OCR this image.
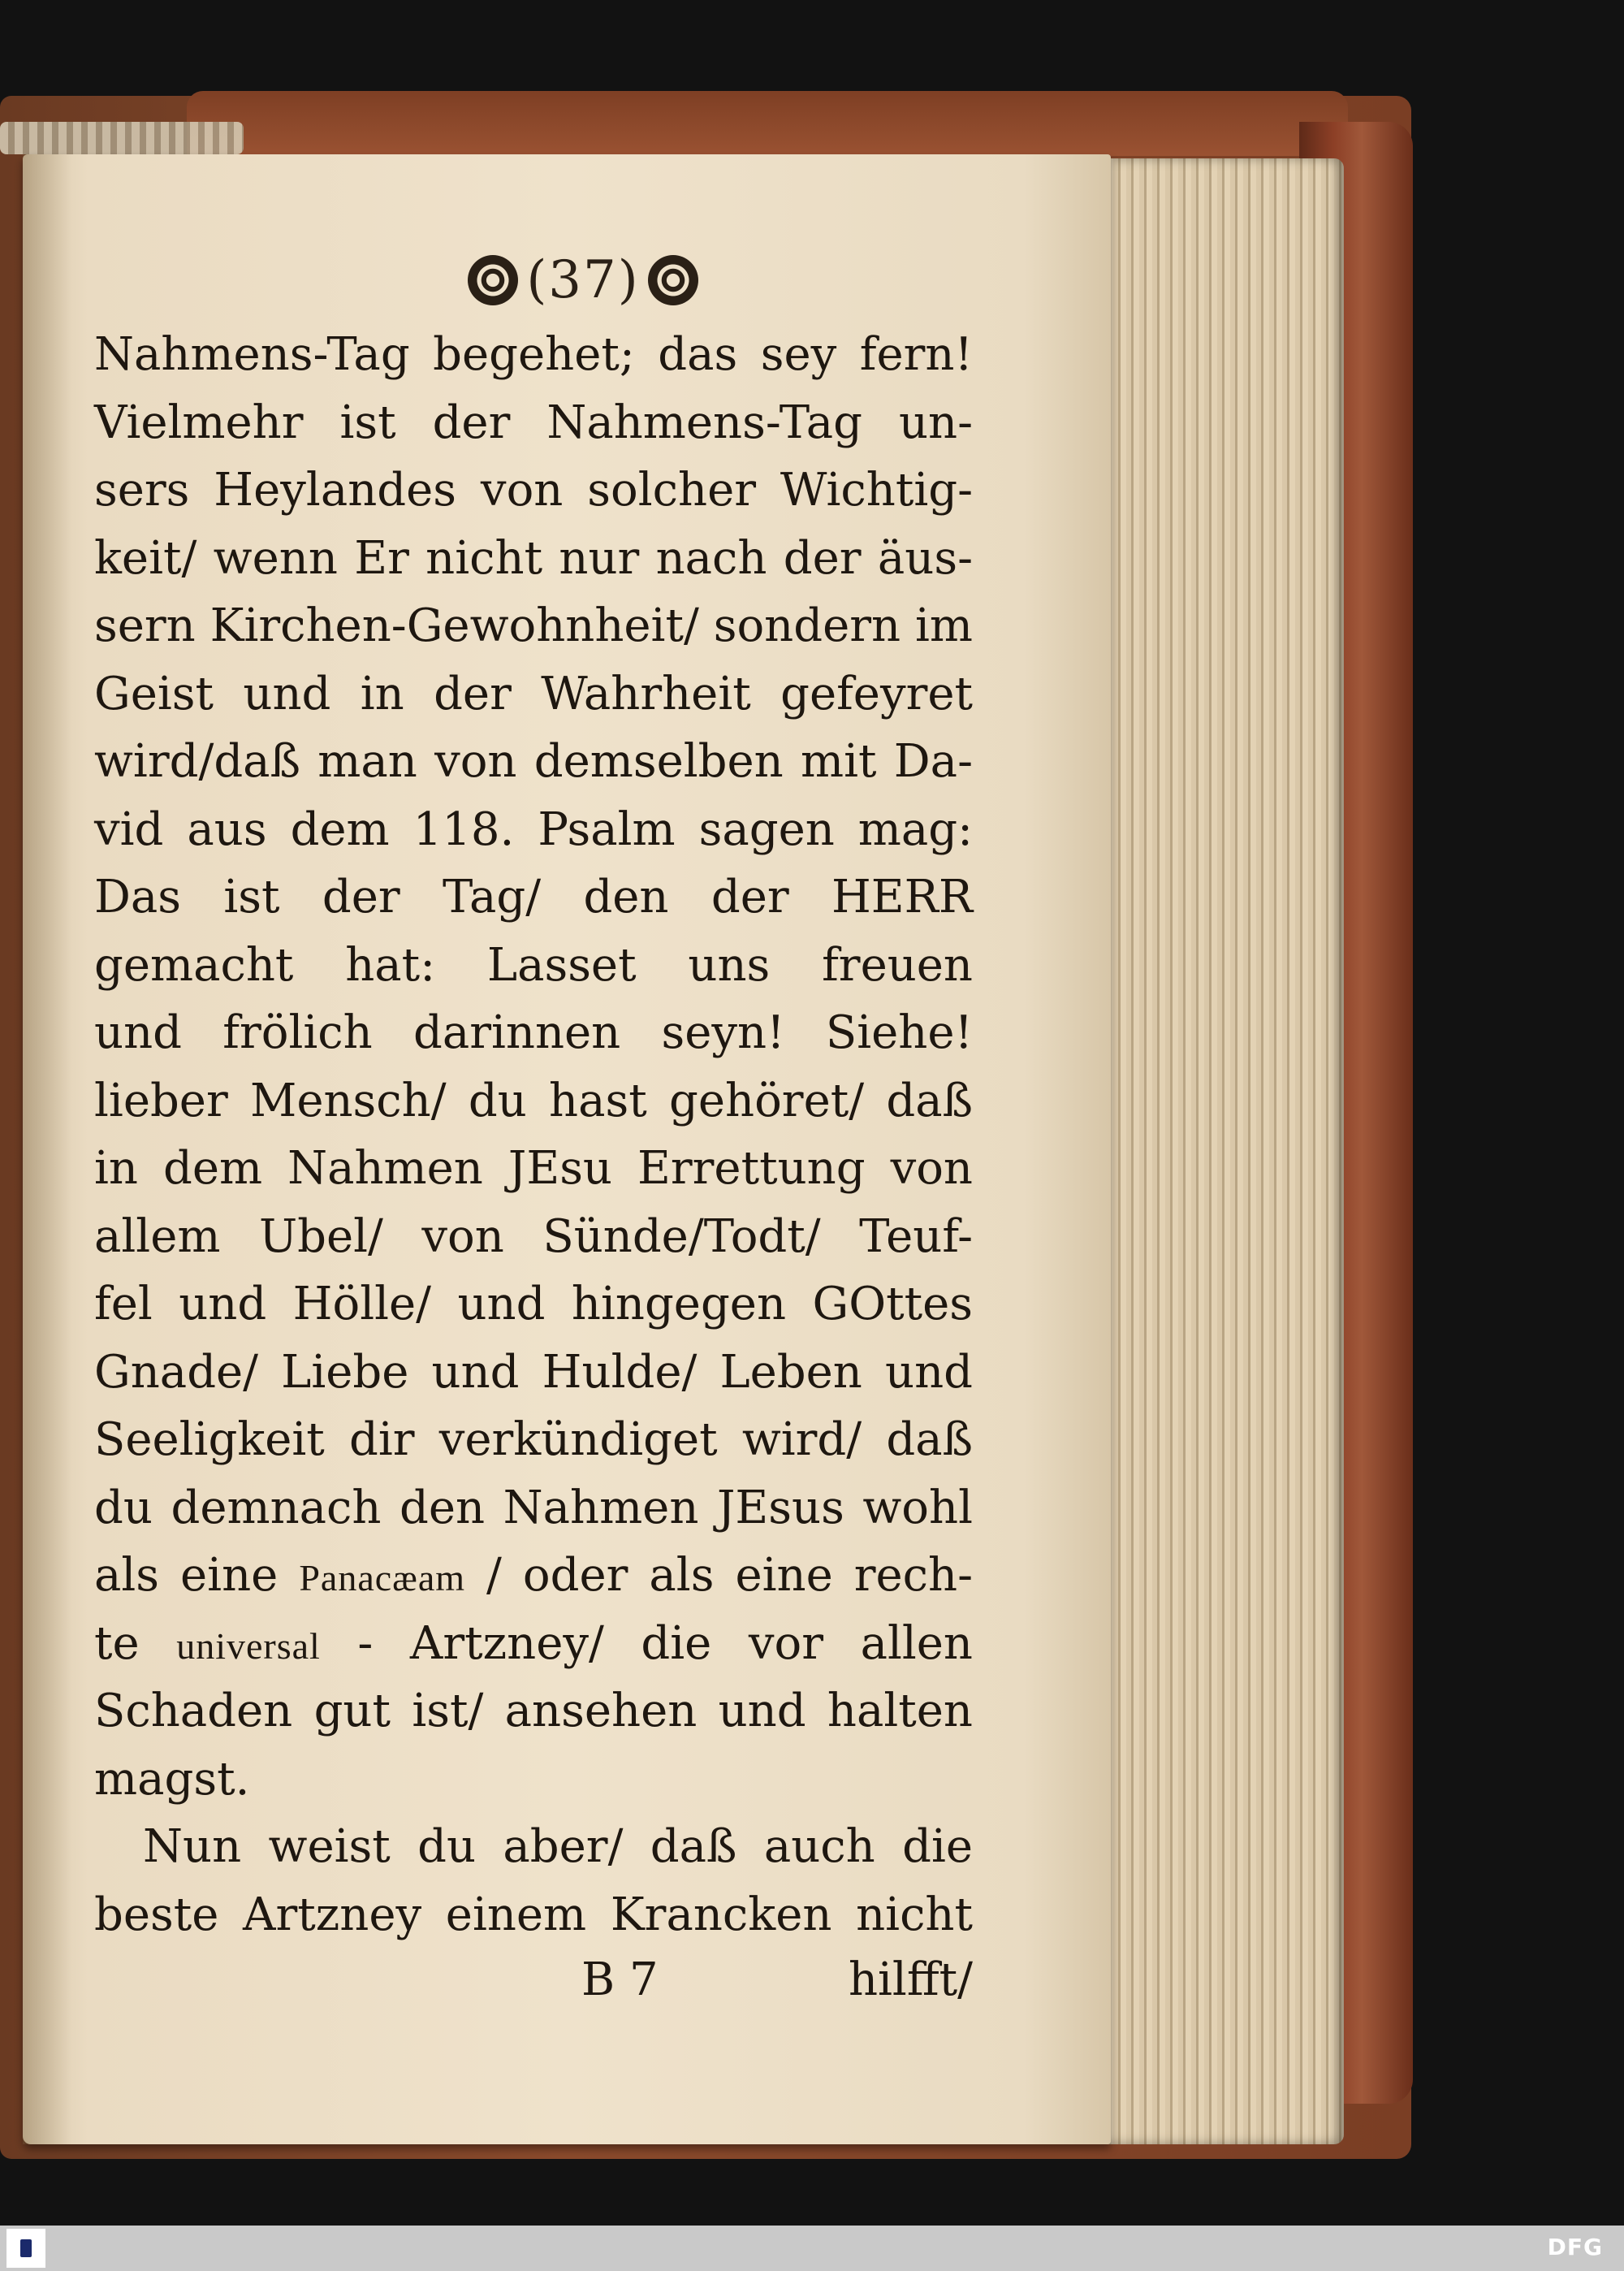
(37)
Nahmens-Tag begehet; das sey fern!
Vielmehr ist der Nahmens-Tag un-
sers Heylandes von solcher Wichtig-
keit/ wenn Er nicht nur nach der äus-
sern Kirchen-Gewohnheit/ sondern im
Geist und in der Wahrheit gefeyret
wird/daß man von demselben mit Da-
vid aus dem 118. Psalm sagen mag:
Das ist der Tag/ den der HERR
gemacht hat: Lasset uns freuen
und frölich darinnen seyn! Siehe!
lieber Mensch/ du hast gehöret/ daß
in dem Nahmen JEsu Errettung von
allem Ubel/ von Sünde/Todt/ Teuf-
fel und Hölle/ und hingegen GOttes
Gnade/ Liebe und Hulde/ Leben und
Seeligkeit dir verkündiget wird/ daß
du demnach den Nahmen JEsus wohl
als eine Panacæam / oder als eine rech-
te universal - Artzney/ die vor allen
Schaden gut ist/ ansehen und halten
magst.
Nun weist du aber/ daß auch die
beste Artzney einem Krancken nicht
B 7	hilfft/
DFG
